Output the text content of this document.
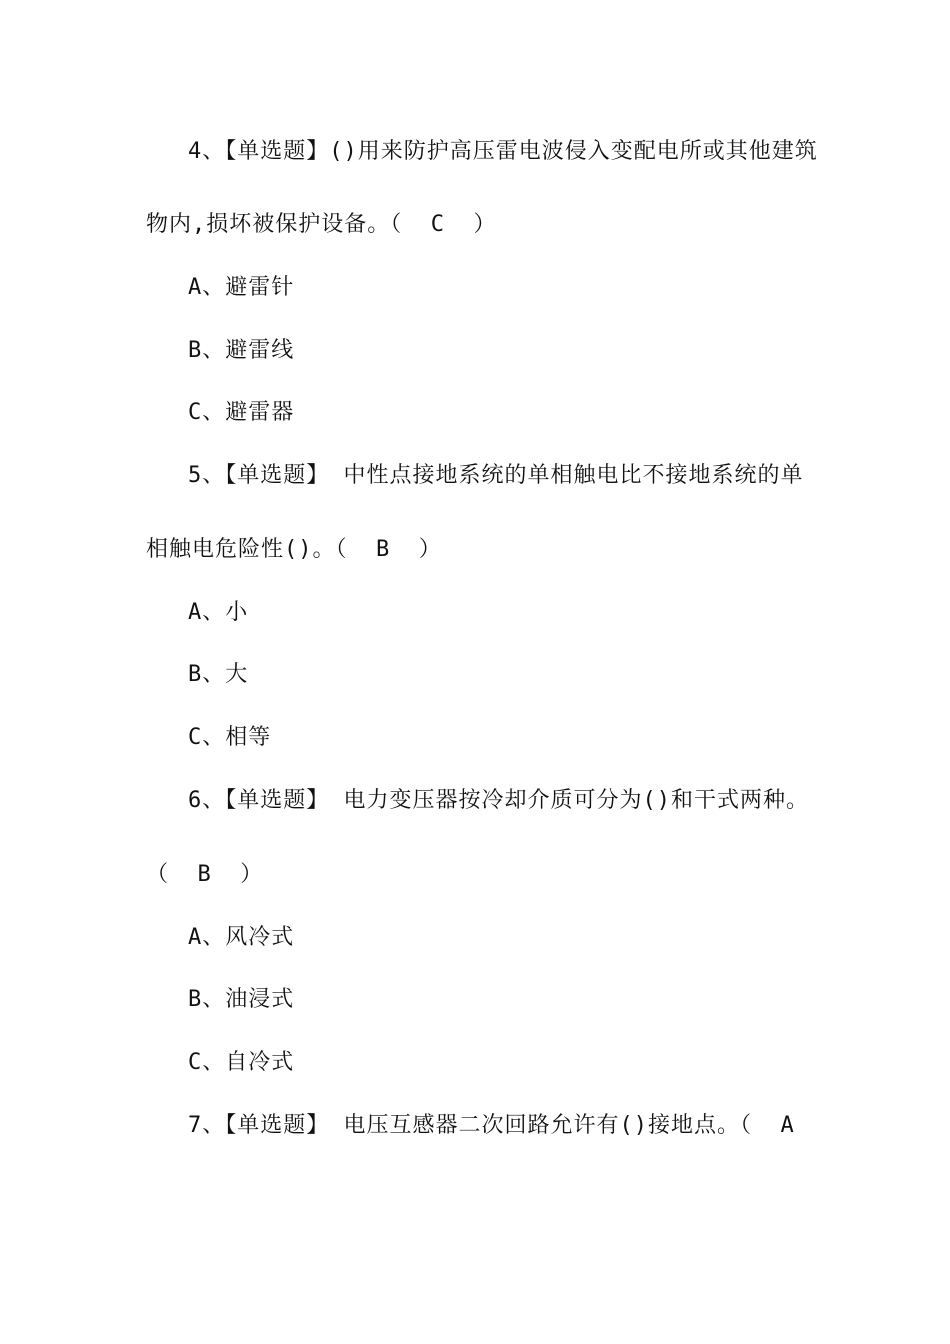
4、【单选题】()用来防护高压雷电波侵入变配电所或其他建筑
物内,损坏被保护设备。（  C  ）
A、避雷针
B、避雷线
C、避雷器
5、【单选题】 中性点接地系统的单相触电比不接地系统的单
相触电危险性()。（  B  ）
A、小
B、大
C、相等
6、【单选题】 电力变压器按冷却介质可分为()和干式两种。
（  B  ）
A、风冷式
B、油浸式
C、自冷式
7、【单选题】 电压互感器二次回路允许有()接地点。（  A
